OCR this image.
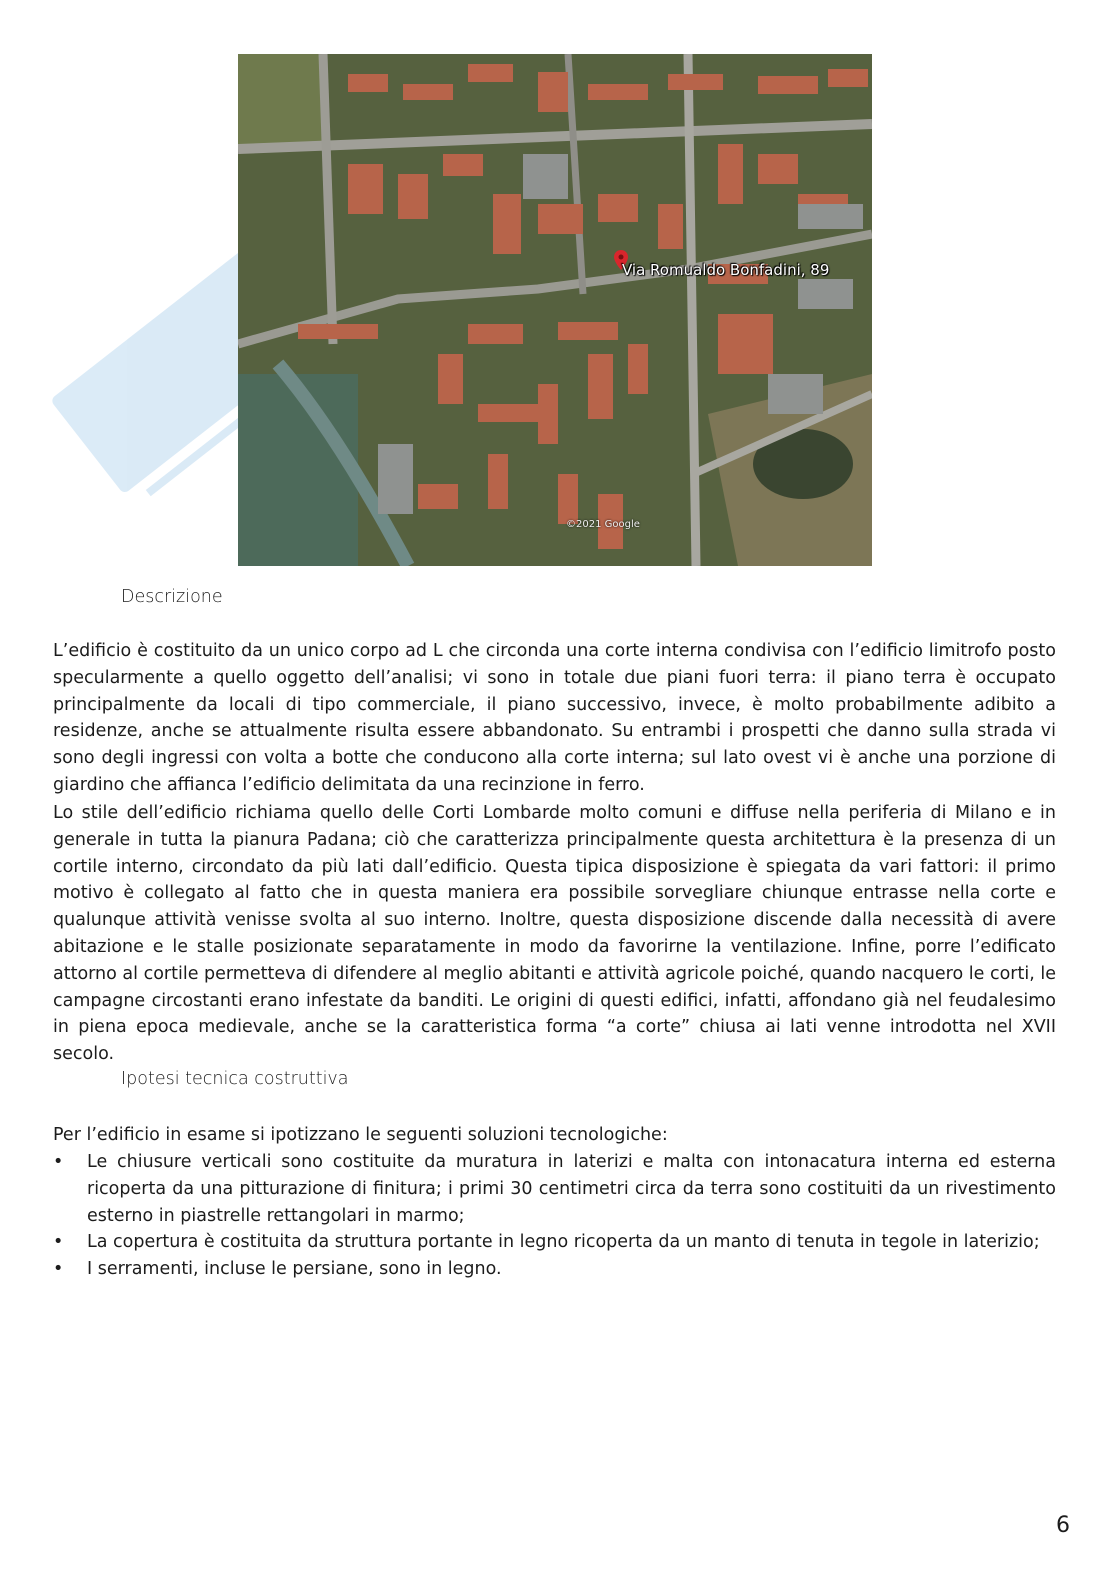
Via Romualdo Bonfadini, 89
©2021 Google
Descrizione

L’edificio è costituito da un unico corpo ad L che circonda una corte interna condivisa con l’edificio limitrofo posto specularmente a quello oggetto dell’analisi; vi sono in totale due piani fuori terra: il piano terra è occupato principalmente da locali di tipo commerciale, il piano successivo, invece, è molto probabilmente adibito a residenze, anche se attualmente risulta essere abbandonato. Su entrambi i prospetti che danno sulla strada vi sono degli ingressi con volta a botte che conducono alla corte interna; sul lato ovest vi è anche una porzione di giardino che affianca l’edificio delimitata da una recinzione in ferro.

Lo stile dell’edificio richiama quello delle Corti Lombarde molto comuni e diffuse nella periferia di Milano e in generale in tutta la pianura Padana; ciò che caratterizza principalmente questa architettura è la presenza di un cortile interno, circondato da più lati dall’edificio. Questa tipica disposizione è spiegata da vari fattori: il primo motivo è collegato al fatto che in questa maniera era possibile sorvegliare chiunque entrasse nella corte e qualunque attività venisse svolta al suo interno. Inoltre, questa disposizione discende dalla necessità di avere abitazione e le stalle posizionate separatamente in modo da favorirne la ventilazione. Infine, porre l’edificato attorno al cortile permetteva di difendere al meglio abitanti e attività agricole poiché, quando nacquero le corti, le campagne circostanti erano infestate da banditi. Le origini di questi edifici, infatti, affondano già nel feudalesimo in piena epoca medievale, anche se la caratteristica forma “a corte” chiusa ai lati venne introdotta nel XVII secolo.

Ipotesi tecnica costruttiva

Per l’edificio in esame si ipotizzano le seguenti soluzioni tecnologiche:

• Le chiusure verticali sono costituite da muratura in laterizi e malta con intonacatura interna ed esterna ricoperta da una pitturazione di finitura; i primi 30 centimetri circa da terra sono costituiti da un rivestimento esterno in piastrelle rettangolari in marmo;
• La copertura è costituita da struttura portante in legno ricoperta da un manto di tenuta in tegole in laterizio;
• I serramenti, incluse le persiane, sono in legno.
6
